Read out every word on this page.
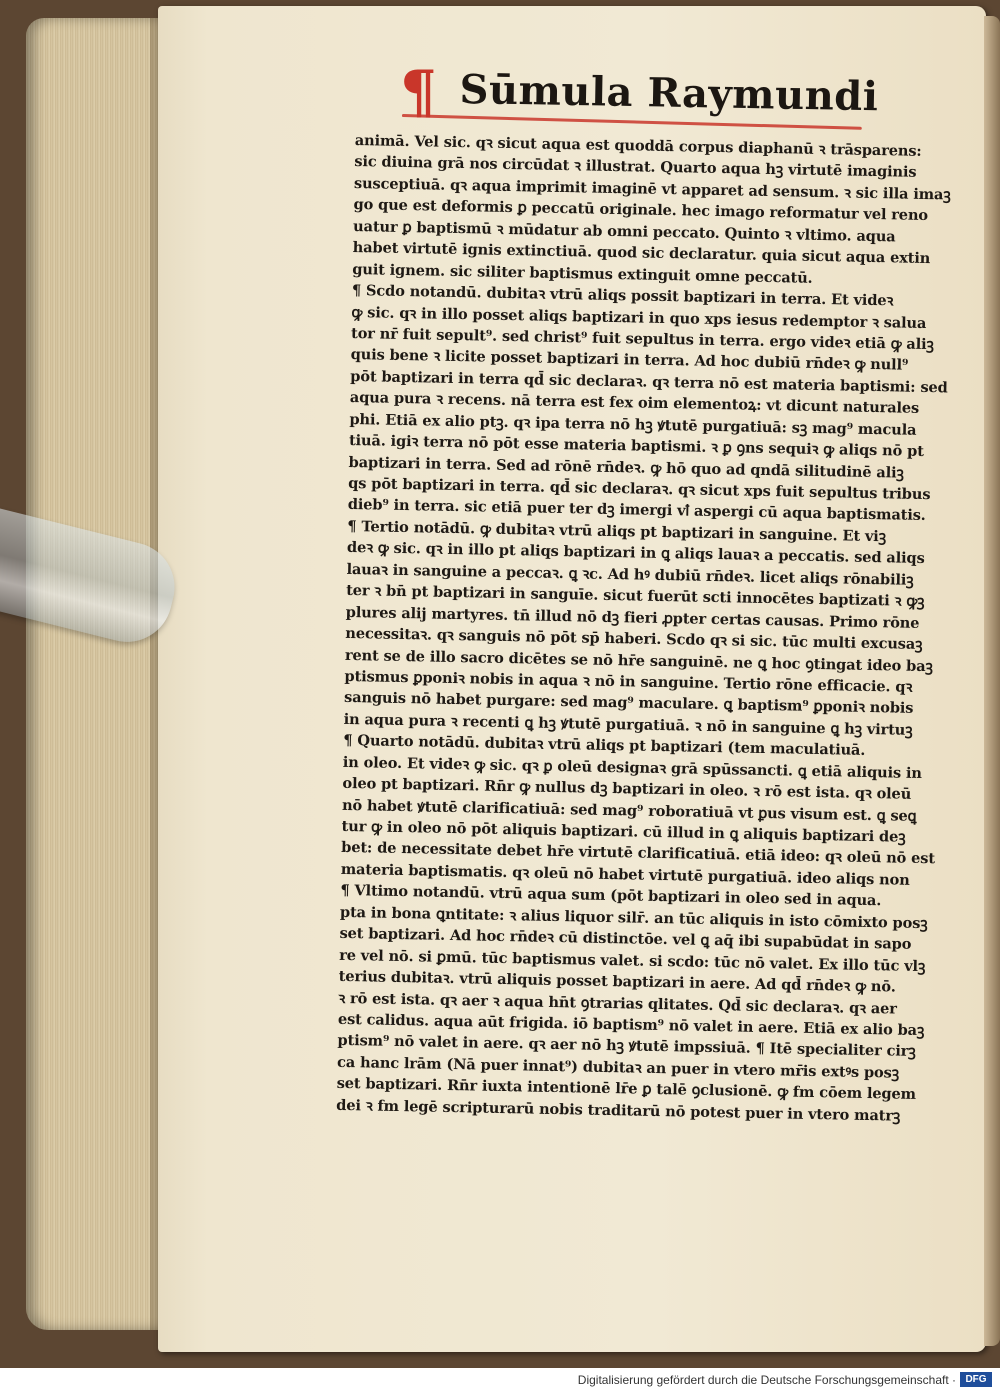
¶ Sūmula Raymundi
animā. Vel sic. qꝛ sicut aqua est quoddā corpus diaphanū ꝛ trāsparens:
sic diuina grā nos circūdat ꝛ illustrat. Quarto aqua hꝫ virtutē imaginis
susceptiuā. qꝛ aqua imprimit imaginē vt apparet ad sensum. ꝛ sic illa imaꝫ
go que est deformis ꝑ peccatū originale. hec imago reformatur vel reno
uatur ꝑ baptismū ꝛ mūdatur ab omni peccato. Quinto ꝛ vltimo. aqua
habet virtutē ignis extinctiuā. quod sic declaratur. quia sicut aqua extin
guit ignem. sic siliter baptismus extinguit omne peccatū.
¶ Scdo notandū. dubitaꝛ vtrū aliqs possit baptizari in terra. Et videꝛ
ꝙ sic. qꝛ in illo posset aliqs baptizari in quo xps iesus redemptor ꝛ salua
tor nr̄ fuit sepult⁹. sed christ⁹ fuit sepultus in terra. ergo videꝛ etiā ꝙ aliꝫ
quis bene ꝛ licite posset baptizari in terra. Ad hoc dubiū rn̄deꝛ ꝙ null⁹
pōt baptizari in terra qd̄ sic declaraꝛ. qꝛ terra nō est materia baptismi: sed
aqua pura ꝛ recens. nā terra est fex oim elementoꝝ: vt dicunt naturales
phi. Etiā ex alio ptꝫ. qꝛ ipa terra nō hꝫ ꝟtutē purgatiuā: sꝫ mag⁹ macula
tiuā. igiꝛ terra nō pōt esse materia baptismi. ꝛ ꝑ ꝯns sequiꝛ ꝙ aliqs nō pt
baptizari in terra. Sed ad rōnē rn̄deꝛ. ꝙ hō quo ad qndā silitudinē aliꝫ
qs pōt baptizari in terra. qd̄ sic declaraꝛ. qꝛ sicut xps fuit sepultus tribus
dieb⁹ in terra. sic etiā puer ter dꝫ imergi vꝉ aspergi cū aqua baptismatis.
¶ Tertio notādū. ꝙ dubitaꝛ vtrū aliqs pt baptizari in sanguine. Et viꝫ
deꝛ ꝙ sic. qꝛ in illo pt aliqs baptizari in ꝗ aliqs lauaꝛ a peccatis. sed aliqs
lauaꝛ in sanguine a peccaꝛ. ꝗ ꝛc. Ad hꝰ dubiū rn̄deꝛ. licet aliqs rōnabiliꝫ
ter ꝛ bn̄ pt baptizari in sanguīe. sicut fuerūt scti innocētes baptizati ꝛ ꝙꝫ
plures alij martyres. tn̄ illud nō dꝫ fieri ꝓpter certas causas. Primo rōne
necessitaꝛ. qꝛ sanguis nō pōt sp̄ haberi. Scdo qꝛ si sic. tūc multi excusaꝫ
rent se de illo sacro dicētes se nō hr̄e sanguinē. ne ꝗ hoc ꝯtingat ideo baꝫ
ptismus ꝑponiꝛ nobis in aqua ꝛ nō in sanguine. Tertio rōne efficacie. qꝛ
sanguis nō habet purgare: sed mag⁹ maculare. ꝗ baptism⁹ ꝑponiꝛ nobis
in aqua pura ꝛ recenti ꝗ hꝫ ꝟtutē purgatiuā. ꝛ nō in sanguine ꝗ hꝫ virtuꝫ
¶ Quarto notādū. dubitaꝛ vtrū aliqs pt baptizari (tem maculatiuā.
in oleo. Et videꝛ ꝙ sic. qꝛ ꝑ oleū designaꝛ grā spūssancti. ꝗ etiā aliquis in
oleo pt baptizari. Rn̄r ꝙ nullus dꝫ baptizari in oleo. ꝛ rō est ista. qꝛ oleū
nō habet ꝟtutē clarificatiuā: sed mag⁹ roboratiuā vt ꝑus visum est. ꝗ seꝗ
tur ꝙ in oleo nō pōt aliquis baptizari. cū illud in ꝗ aliquis baptizari deꝫ
bet: de necessitate debet hr̄e virtutē clarificatiuā. etiā ideo: qꝛ oleū nō est
materia baptismatis. qꝛ oleū nō habet virtutē purgatiuā. ideo aliqs non
¶ Vltimo notandū. vtrū aqua sum (pōt baptizari in oleo sed in aqua.
pta in bona ꝗntitate: ꝛ alius liquor silr̄. an tūc aliquis in isto cōmixto posꝫ
set baptizari. Ad hoc rn̄deꝛ cū distinctōe. vel ꝗ aq̄ ibi supabūdat in sapo
re vel nō. si ꝑmū. tūc baptismus valet. si scdo: tūc nō valet. Ex illo tūc vlꝫ
terius dubitaꝛ. vtrū aliquis posset baptizari in aere. Ad qd̄ rn̄deꝛ ꝙ nō.
ꝛ rō est ista. qꝛ aer ꝛ aqua hn̄t ꝯtrarias qlitates. Qd̄ sic declaraꝛ. qꝛ aer
est calidus. aqua aūt frigida. iō baptism⁹ nō valet in aere. Etiā ex alio baꝫ
ptism⁹ nō valet in aere. qꝛ aer nō hꝫ ꝟtutē impssiuā. ¶ Itē specialiter cirꝫ
ca hanc lrām (Nā puer innat⁹) dubitaꝛ an puer in vtero mr̄is extꝰs posꝫ
set baptizari. Rn̄r iuxta intentionē lr̄e ꝑ talē ꝯclusionē. ꝙ fm cōem legem
dei ꝛ fm legē scripturarū nobis traditarū nō potest puer in vtero matrꝫ
Digitalisierung gefördert durch die Deutsche Forschungsgemeinschaft · DFG
